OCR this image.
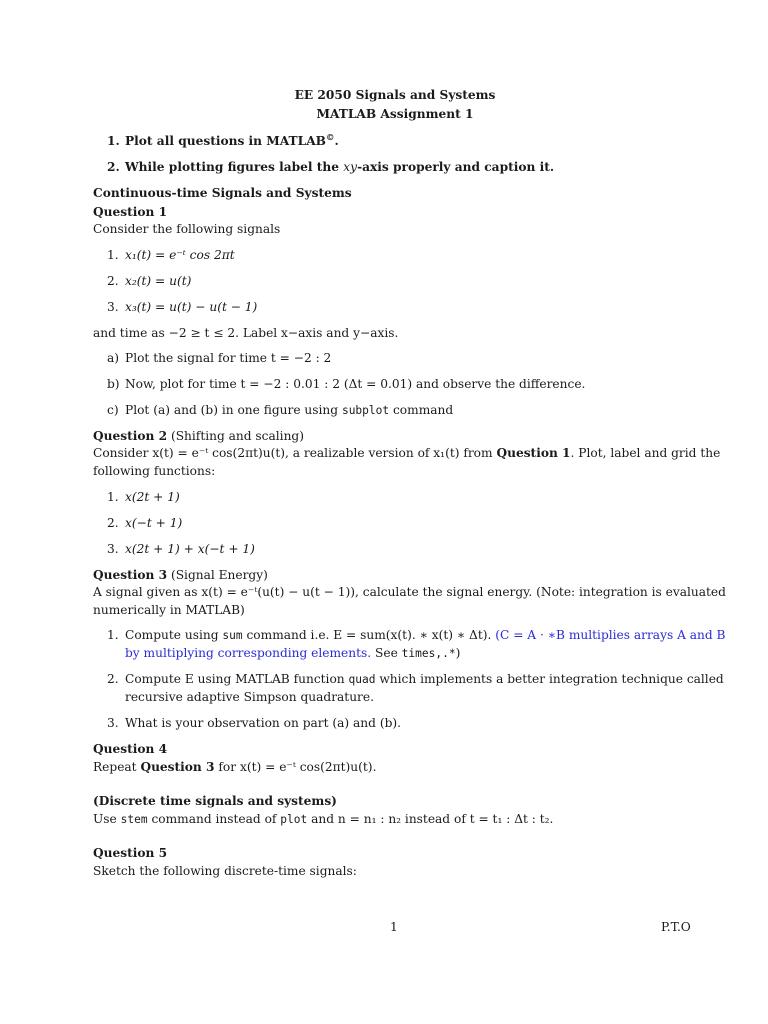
EE 2050 Signals and Systems
MATLAB Assignment 1
1. Plot all questions in MATLAB©.
2. While plotting figures label the xy-axis properly and caption it.
Continuous-time Signals and Systems
Question 1
Consider the following signals
1. x₁(t) = e⁻ᵗ cos 2πt
2. x₂(t) = u(t)
3. x₃(t) = u(t) − u(t − 1)
and time as −2 ≥ t ≤ 2. Label x−axis and y−axis.
a) Plot the signal for time t = −2 : 2
b) Now, plot for time t = −2 : 0.01 : 2 (Δt = 0.01) and observe the difference.
c) Plot (a) and (b) in one figure using subplot command
Question 2 (Shifting and scaling)
Consider x(t) = e⁻ᵗ cos(2πt)u(t), a realizable version of x₁(t) from Question 1. Plot, label and grid the
following functions:
1. x(2t + 1)
2. x(−t + 1)
3. x(2t + 1) + x(−t + 1)
Question 3 (Signal Energy)
A signal given as x(t) = e⁻ᵗ(u(t) − u(t − 1)), calculate the signal energy. (Note: integration is evaluated
numerically in MATLAB)
1. Compute using sum command i.e. E = sum(x(t). ∗ x(t) ∗ Δt). (C = A · ∗B multiplies arrays A and B
by multiplying corresponding elements. See times,.*)
2. Compute E using MATLAB function quad which implements a better integration technique called
recursive adaptive Simpson quadrature.
3. What is your observation on part (a) and (b).
Question 4
Repeat Question 3 for x(t) = e⁻ᵗ cos(2πt)u(t).
(Discrete time signals and systems)
Use stem command instead of plot and n = n₁ : n₂ instead of t = t₁ : Δt : t₂.
Question 5
Sketch the following discrete-time signals:
1	P.T.O
